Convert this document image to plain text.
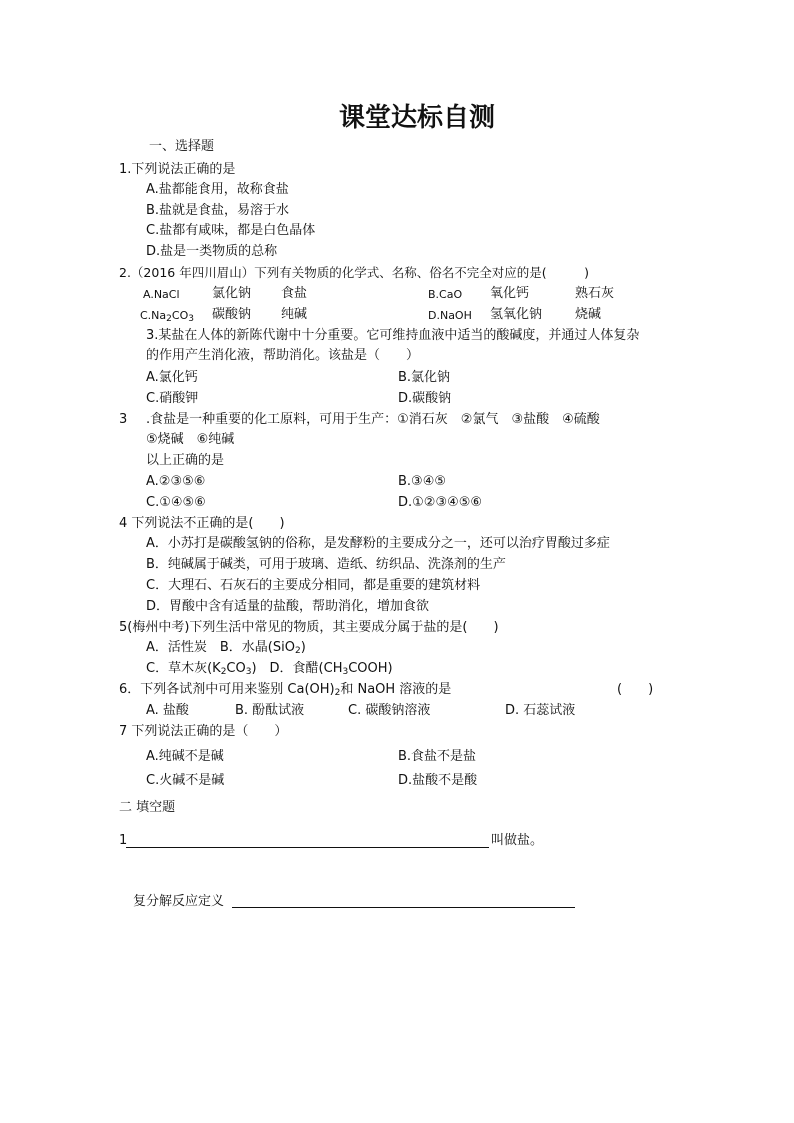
课堂达标自测
一、选择题
1.下列说法正确的是
A.盐都能食用，故称食盐
B.盐就是食盐，易溶于水
C.盐都有咸味，都是白色晶体
D.盐是一类物质的总称
2.（2016 年四川眉山）下列有关物质的化学式、名称、俗名不完全对应的是(　　　)
A.NaCl 氯化钠 食盐	B.CaO 氧化钙	熟石灰
$C.Na_2CO_3$ 碳酸钠 纯碱	D.NaOH 氢氧化钠	烧碱
3.某盐在人体的新陈代谢中十分重要。它可维持血液中适当的酸碱度，并通过人体复杂
的作用产生消化液，帮助消化。该盐是（　　）
A.氯化钙	B.氯化钠
C.硝酸钾	D.碳酸钠
3 .食盐是一种重要的化工原料，可用于生产：①消石灰　②氯气　③盐酸　④硫酸
⑤烧碱　⑥纯碱
以上正确的是
A.②③⑤⑥	B.③④⑤
C.①④⑤⑥	D.①②③④⑤⑥
4 下列说法不正确的是(　　)
A．小苏打是碳酸氢钠的俗称，是发酵粉的主要成分之一，还可以治疗胃酸过多症
B．纯碱属于碱类，可用于玻璃、造纸、纺织品、洗涤剂的生产
C．大理石、石灰石的主要成分相同，都是重要的建筑材料
D．胃酸中含有适量的盐酸，帮助消化，增加食欲
5(梅州中考)下列生活中常见的物质，其主要成分属于盐的是(　　)
A．活性炭　B．水晶(SiO$_2$)
C．草木灰$(K_2CO_3)$　D．食醋$(CH_3COOH)$
6．下列各试剂中可用来鉴别 $Ca(OH)_2$和 NaOH 溶液的是	(　　)
A. 盐酸	B. 酚酞试液	C. 碳酸钠溶液	D. 石蕊试液
7 下列说法正确的是（　　）
A.纯碱不是碱	B.食盐不是盐
C.火碱不是碱	D.盐酸不是酸
二 填空题
1	叫做盐。
复分解反应定义
